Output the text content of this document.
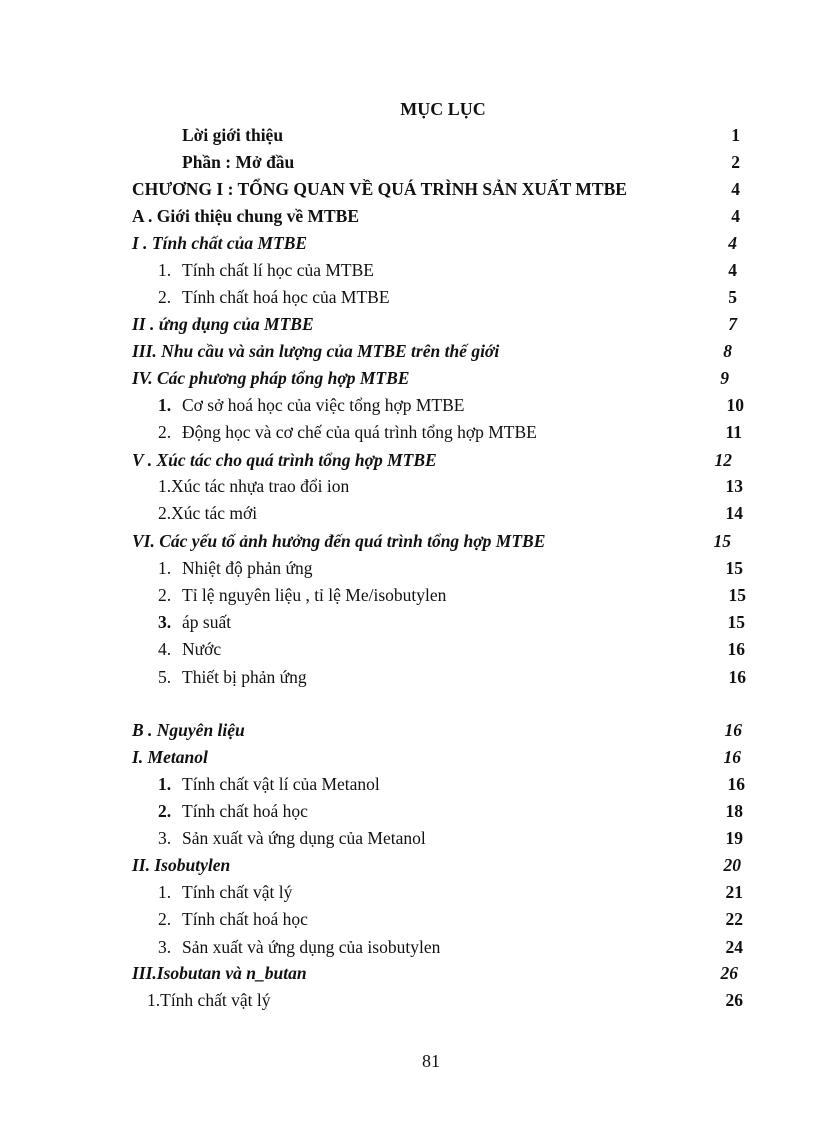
MỤC LỤC
Lời giới thiệu	1
Phần : Mở đầu	2
CHƯƠNG I : TỔNG QUAN VỀ QUÁ TRÌNH SẢN XUẤT MTBE	4
A . Giới thiệu chung về MTBE	4
I . Tính chất của MTBE	4
1. Tính chất lí học của MTBE	4
2. Tính chất hoá học của MTBE	5
II . ứng dụng của MTBE	7
III. Nhu cầu và sản lượng của MTBE trên thế giới	8
IV. Các phương pháp tổng hợp MTBE	9
1. Cơ sở hoá học của việc tổng hợp MTBE	10
2. Động học và cơ chế của quá trình tổng hợp MTBE	11
V . Xúc tác cho quá trình tổng hợp MTBE	12
1.Xúc tác nhựa trao đổi ion	13
2.Xúc tác mới	14
VI. Các yếu tố ảnh hưởng đến quá trình tổng hợp MTBE	15
1. Nhiệt độ phản ứng	15
2. Tỉ lệ nguyên liệu , tỉ lệ Me/isobutylen	15
3. áp suất	15
4. Nước	16
5. Thiết bị phản ứng	16
B . Nguyên liệu	16
I. Metanol	16
1. Tính chất vật lí của Metanol	16
2. Tính chất hoá học	18
3. Sản xuất và ứng dụng của Metanol	19
II. Isobutylen	20
1. Tính chất vật lý	21
2. Tính chất hoá học	22
3. Sản xuất và ứng dụng của isobutylen	24
III.Isobutan và n_butan	26
1.Tính chất vật lý	26
81
